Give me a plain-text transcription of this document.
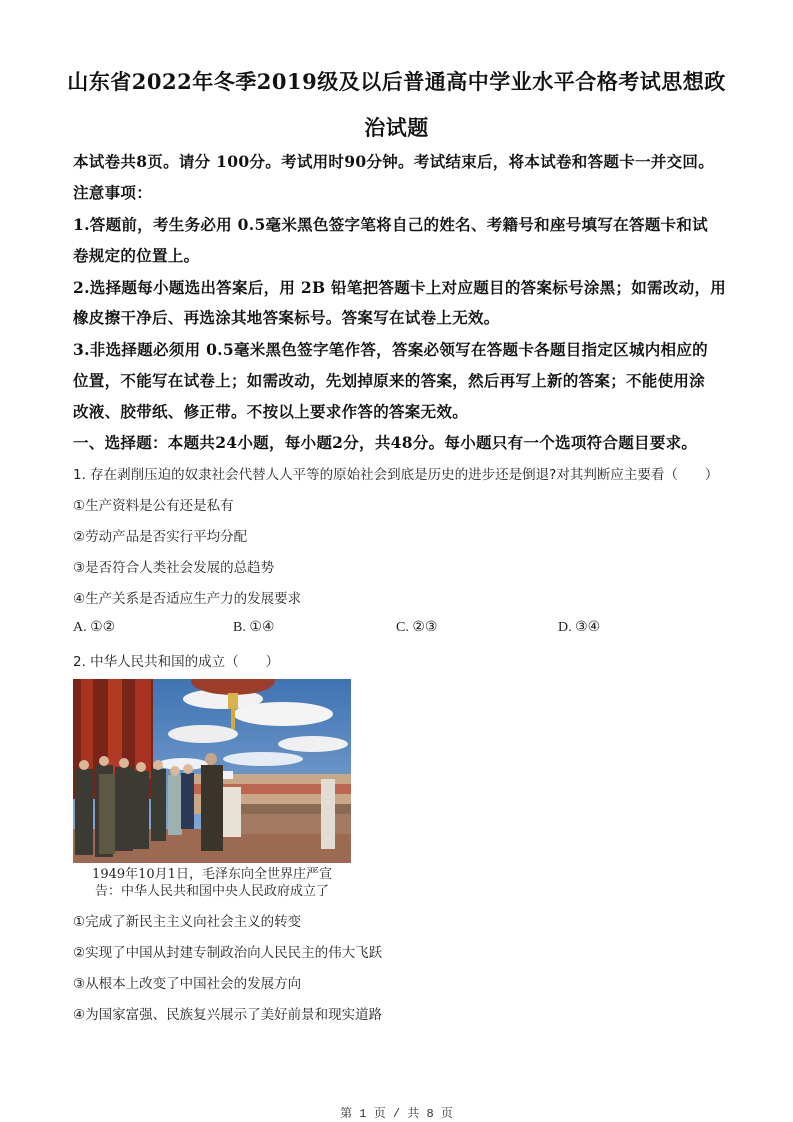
山东省2022年冬季2019级及以后普通高中学业水平合格考试思想政
治试题
本试卷共8页。请分 100分。考试用时90分钟。考试结束后，将本试卷和答题卡一并交回。
注意事项：
1.答题前，考生务必用 0.5毫米黑色签字笔将自己的姓名、考籍号和座号填写在答题卡和试
卷规定的位置上。
2.选择题每小题选出答案后，用 2B 铅笔把答题卡上对应题目的答案标号涂黑；如需改动，用
橡皮擦干净后、再选涂其地答案标号。答案写在试卷上无效。
3.非选择题必须用 0.5毫米黑色签字笔作答，答案必领写在答题卡各题目指定区城内相应的
位置，不能写在试卷上；如需改动，先划掉原来的答案，然后再写上新的答案；不能使用涂
改液、胶带纸、修正带。不按以上要求作答的答案无效。
一、选择题：本题共24小题，每小题2分，共48分。每小题只有一个选项符合题目要求。
1. 存在剥削压迫的奴隶社会代替人人平等的原始社会到底是历史的进步还是倒退?对其判断应主要看（　　）
①生产资料是公有还是私有
②劳动产品是否实行平均分配
③是否符合人类社会发展的总趋势
④生产关系是否适应生产力的发展要求
A. ①②	B. ①④	C. ②③	D. ③④
2. 中华人民共和国的成立（　　）
1949年10月1日，毛泽东向全世界庄严宣
告：中华人民共和国中央人民政府成立了
①完成了新民主主义向社会主义的转变
②实现了中国从封建专制政治向人民民主的伟大飞跃
③从根本上改变了中国社会的发展方向
④为国家富强、民族复兴展示了美好前景和现实道路
第 1 页 / 共 8 页
